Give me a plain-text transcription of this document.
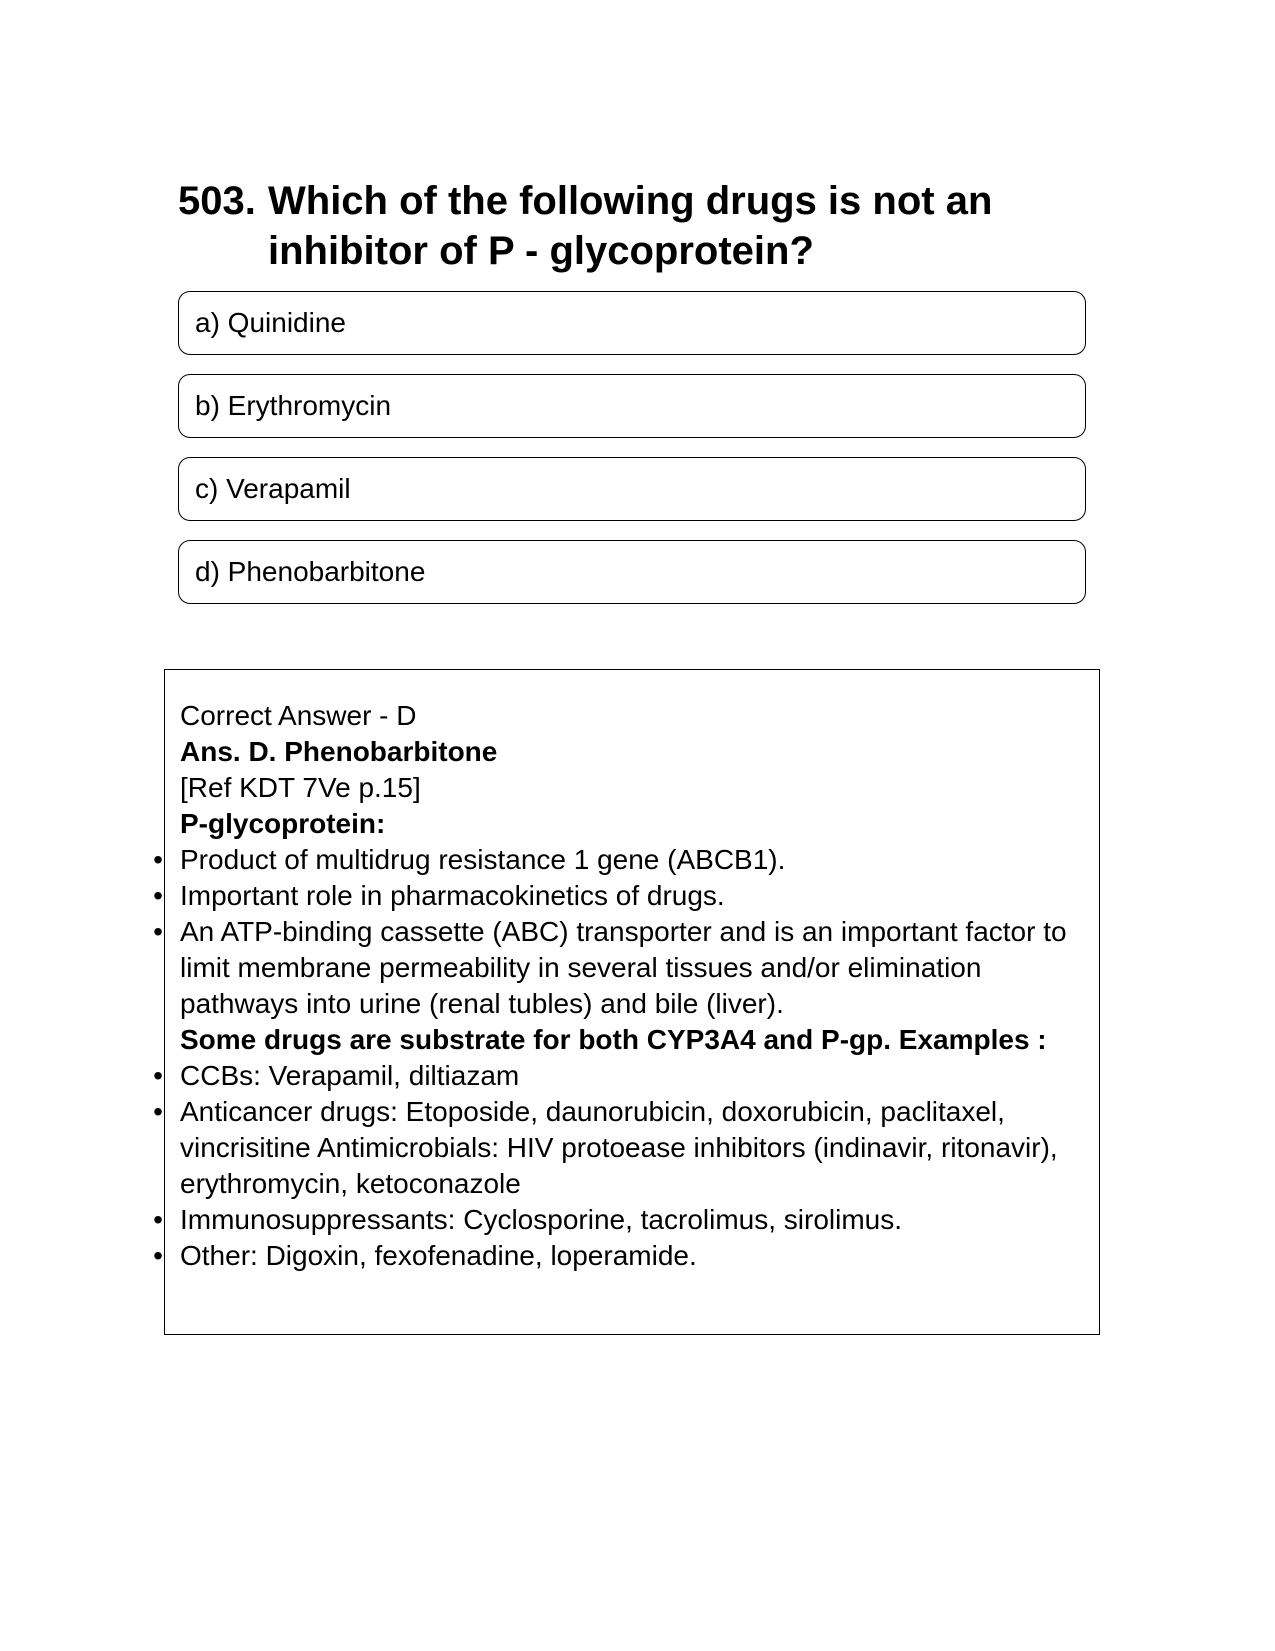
503. Which of the following drugs is not an inhibitor of P - glycoprotein?
a) Quinidine
b) Erythromycin
c) Verapamil
d) Phenobarbitone
Correct Answer - D
Ans. D. Phenobarbitone
[Ref KDT 7Ve p.15]
P-glycoprotein:
• Product of multidrug resistance 1 gene (ABCB1).
• Important role in pharmacokinetics of drugs.
• An ATP-binding cassette (ABC) transporter and is an important factor to limit membrane permeability in several tissues and/or elimination pathways into urine (renal tubles) and bile (liver).
Some drugs are substrate for both CYP3A4 and P-gp. Examples :
• CCBs: Verapamil, diltiazam
• Anticancer drugs: Etoposide, daunorubicin, doxorubicin, paclitaxel, vincrisitine Antimicrobials: HIV protoease inhibitors (indinavir, ritonavir), erythromycin, ketoconazole
• Immunosuppressants: Cyclosporine, tacrolimus, sirolimus.
• Other: Digoxin, fexofenadine, loperamide.
